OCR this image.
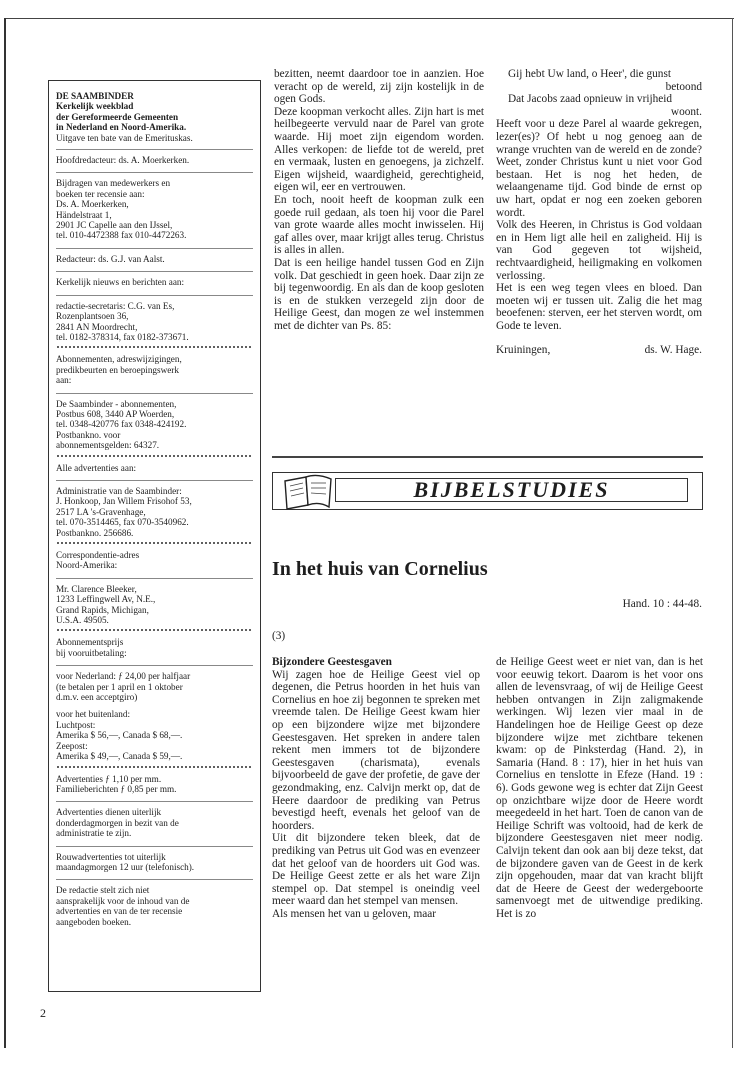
DE SAAMBINDER
Kerkelijk weekblad
der Gereformeerde Gemeenten
in Nederland en Noord-Amerika.
Uitgave ten bate van de Emerituskas.
Hoofdredacteur: ds. A. Moerkerken.
Bijdragen van medewerkers en
boeken ter recensie aan:
Ds. A. Moerkerken,
Händelstraat 1,
2901 JC Capelle aan den IJssel,
tel. 010-4472388 fax 010-4472263.
Redacteur: ds. G.J. van Aalst.
Kerkelijk nieuws en berichten aan:
redactie-secretaris: C.G. van Es,
Rozenplantsoen 36,
2841 AN Moordrecht,
tel. 0182-378314, fax 0182-373671.
Abonnementen, adreswijzigingen,
predikbeurten en beroepingswerk
aan:
De Saambinder - abonnementen,
Postbus 608, 3440 AP Woerden,
tel. 0348-420776 fax 0348-424192.
Postbankno. voor
abonnementsgelden: 64327.
Alle advertenties aan:
Administratie van de Saambinder:
J. Honkoop, Jan Willem Frisohof 53,
2517 LA 's-Gravenhage,
tel. 070-3514465, fax 070-3540962.
Postbankno. 256686.
Correspondentie-adres
Noord-Amerika:
Mr. Clarence Bleeker,
1233 Leffingwell Av, N.E.,
Grand Rapids, Michigan,
U.S.A. 49505.
Abonnementsprijs
bij vooruitbetaling:
voor Nederland: ƒ 24,00 per halfjaar
(te betalen per 1 april en 1 oktober
d.m.v. een acceptgiro)
voor het buitenland:
Luchtpost:
Amerika $ 56,—, Canada $ 68,—.
Zeepost:
Amerika $ 49,—, Canada $ 59,—.
Advertenties ƒ 1,10 per mm.
Familieberichten ƒ 0,85 per mm.
Advertenties dienen uiterlijk
donderdagmorgen in bezit van de
administratie te zijn.
Rouwadvertenties tot uiterlijk
maandagmorgen 12 uur (telefonisch).
De redactie stelt zich niet
aansprakelijk voor de inhoud van de
advertenties en van de ter recensie
aangeboden boeken.

bezitten, neemt daardoor toe in aanzien. Hoe veracht op de wereld, zij zijn kostelijk in de ogen Gods.

Deze koopman verkocht alles. Zijn hart is met heilbegeerte vervuld naar de Parel van grote waarde. Hij moet zijn eigendom worden. Alles verkopen: de liefde tot de wereld, pret en vermaak, lusten en genoegens, ja zichzelf. Eigen wijsheid, waardigheid, gerechtigheid, eigen wil, eer en vertrouwen.

En toch, nooit heeft de koopman zulk een goede ruil gedaan, als toen hij voor die Parel van grote waarde alles mocht inwisselen. Hij gaf alles over, maar krijgt alles terug. Christus is alles in allen.

Dat is een heilige handel tussen God en Zijn volk. Dat geschiedt in geen hoek. Daar zijn ze bij tegenwoordig. En als dan de koop gesloten is en de stukken verzegeld zijn door de Heilige Geest, dan mogen ze wel instemmen met de dichter van Ps. 85:

Gij hebt Uw land, o Heer', die gunst

betoond

Dat Jacobs zaad opnieuw in vrijheid

woont.

Heeft voor u deze Parel al waarde gekregen, lezer(es)? Of hebt u nog genoeg aan de wrange vruchten van de wereld en de zonde? Weet, zonder Christus kunt u niet voor God bestaan. Het is nog het heden, de welaangename tijd. God binde de ernst op uw hart, opdat er nog een zoeken geboren wordt.

Volk des Heeren, in Christus is God voldaan en in Hem ligt alle heil en zaligheid. Hij is van God gegeven tot wijsheid, rechtvaardigheid, heiligmaking en volkomen verlossing.

Het is een weg tegen vlees en bloed. Dan moeten wij er tussen uit. Zalig die het mag beoefenen: sterven, eer het sterven wordt, om Gode te leven.

Kruiningen,	ds. W. Hage.
BIJBELSTUDIES
In het huis van Cornelius
Hand. 10 : 44-48.
(3)

Bijzondere Geestesgaven

Wij zagen hoe de Heilige Geest viel op degenen, die Petrus hoorden in het huis van Cornelius en hoe zij begonnen te spreken met vreemde talen. De Heilige Geest kwam hier op een bijzondere wijze met bijzondere Geestesgaven. Het spreken in andere talen rekent men immers tot de bijzondere Geestesgaven (charismata), evenals bijvoorbeeld de gave der profetie, de gave der gezondmaking, enz. Calvijn merkt op, dat de Heere daardoor de prediking van Petrus bevestigd heeft, evenals het geloof van de hoorders.

Uit dit bijzondere teken bleek, dat de prediking van Petrus uit God was en evenzeer dat het geloof van de hoorders uit God was. De Heilige Geest zette er als het ware Zijn stempel op. Dat stempel is oneindig veel meer waard dan het stempel van mensen.

Als mensen het van u geloven, maar

de Heilige Geest weet er niet van, dan is het voor eeuwig tekort. Daarom is het voor ons allen de levensvraag, of wij de Heilige Geest hebben ontvangen in Zijn zaligmakende werkingen. Wij lezen vier maal in de Handelingen hoe de Heilige Geest op deze bijzondere wijze met zichtbare tekenen kwam: op de Pinksterdag (Hand. 2), in Samaria (Hand. 8 : 17), hier in het huis van Cornelius en tenslotte in Efeze (Hand. 19 : 6). Gods gewone weg is echter dat Zijn Geest op onzichtbare wijze door de Heere wordt meegedeeld in het hart. Toen de canon van de Heilige Schrift was voltooid, had de kerk de bijzondere Geestesgaven niet meer nodig. Calvijn tekent dan ook aan bij deze tekst, dat de bijzondere gaven van de Geest in de kerk zijn opgehouden, maar dat van kracht blijft dat de Heere de Geest der wedergeboorte samenvoegt met de uitwendige prediking. Het is zo

2
